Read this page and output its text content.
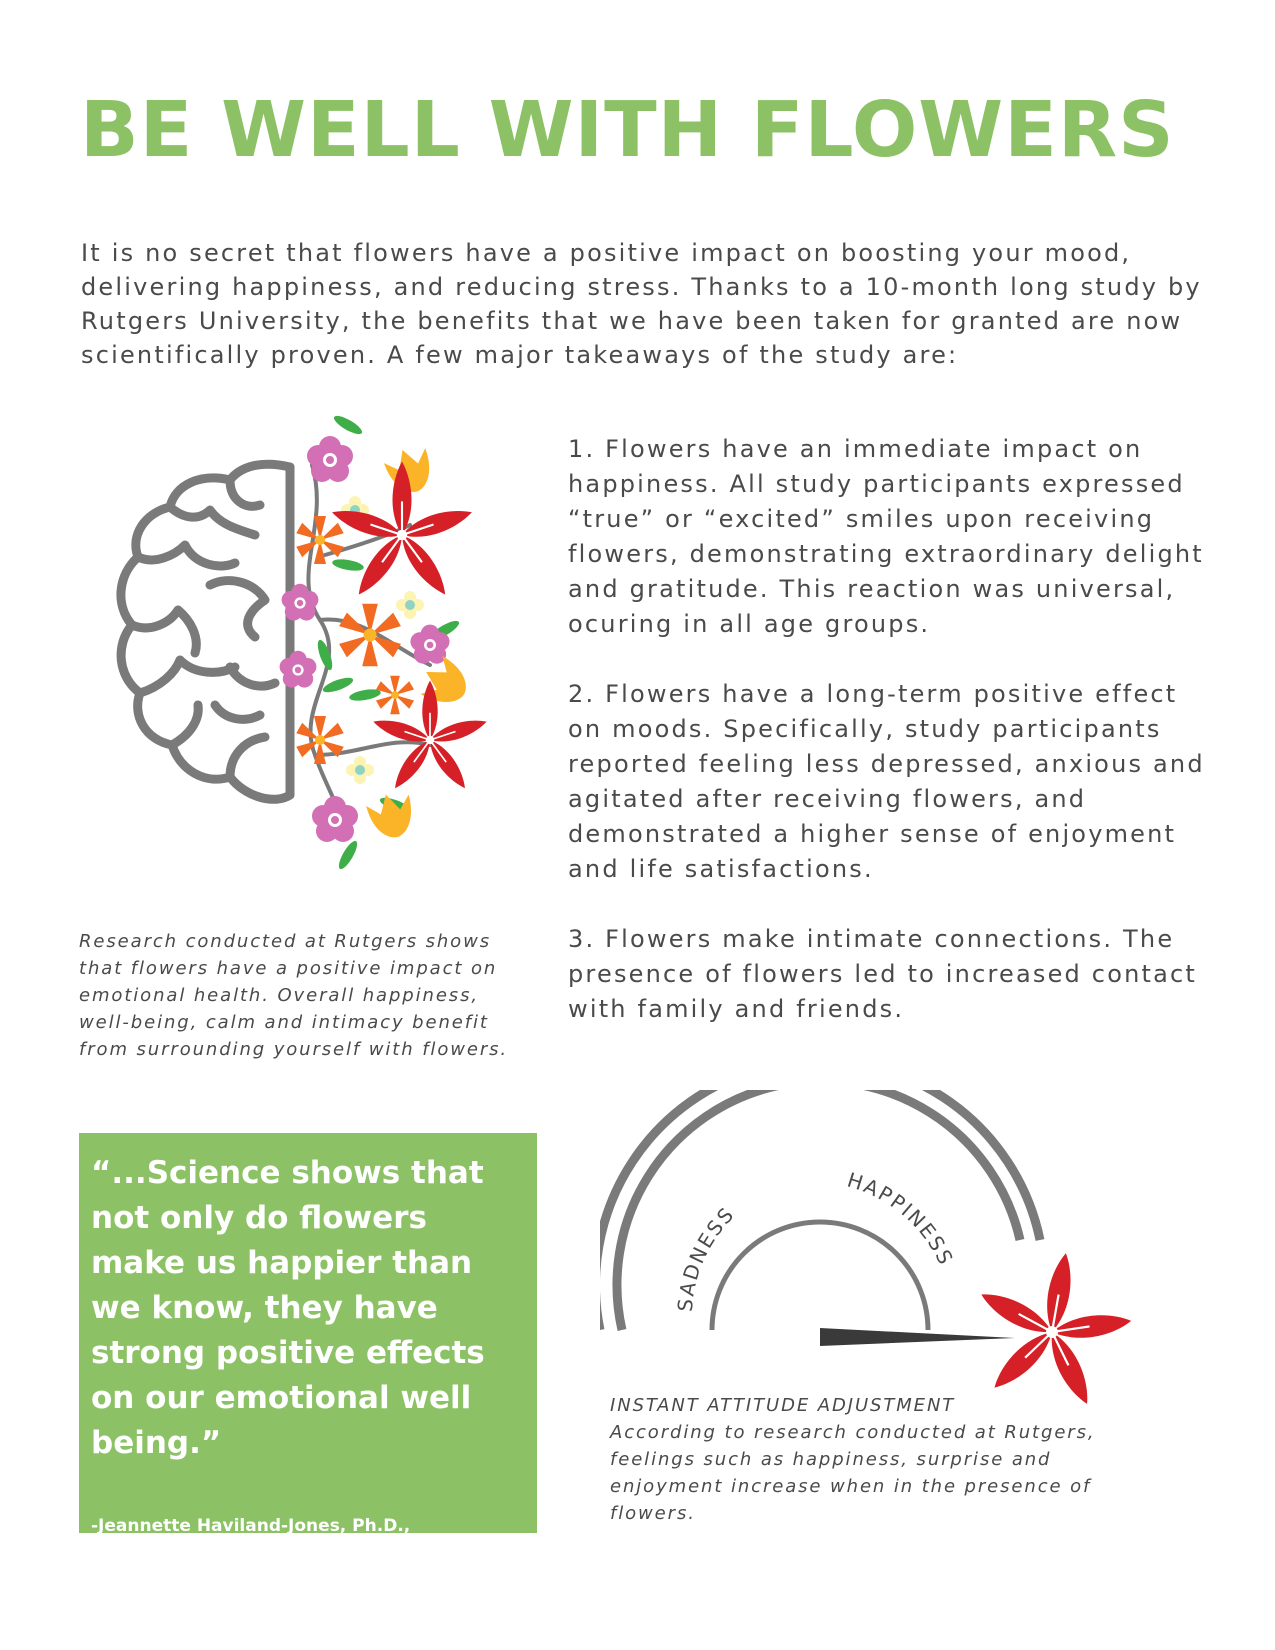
BE WELL WITH FLOWERS

It is no secret that flowers have a positive impact on boosting your mood, delivering happiness, and reducing stress. Thanks to a 10-month long study by Rutgers University, the benefits that we have been taken for granted are now scientifically proven. A few major takeaways of the study are:

Research conducted at Rutgers shows that flowers have a positive impact on emotional health. Overall happiness, well-being, calm and intimacy benefit from surrounding yourself with flowers.

1. Flowers have an immediate impact on happiness. All study participants expressed “true” or “excited” smiles upon receiving flowers, demonstrating extraordinary delight and gratitude. This reaction was universal, ocuring in all age groups.

2. Flowers have a long-term positive effect on moods. Specifically, study participants reported feeling less depressed, anxious and agitated after receiving flowers, and demonstrated a higher sense of enjoyment and life satisfactions.

3. Flowers make intimate connections. The presence of flowers led to increased contact with family and friends.

“...Science shows that not only do flowers make us happier than we know, they have strong positive effects on our emotional well being.”

-Jeannette Haviland-Jones, Ph.D.,
Professor of Psychology at Rutgers University

SADNESS
HAPPINESS

INSTANT ATTITUDE ADJUSTMENT
According to research conducted at Rutgers, feelings such as happiness, surprise and enjoyment increase when in the presence of flowers.
